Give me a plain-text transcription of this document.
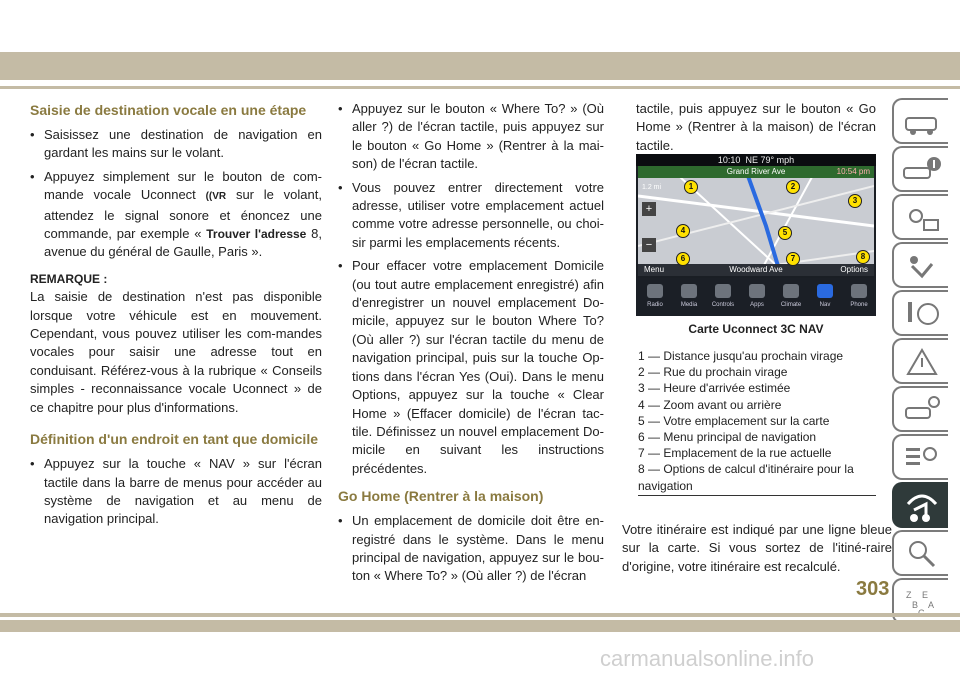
Saisie de destination vocale en une étape
• Saisissez une destination de navigation en gardant les mains sur le volant.
• Appuyez simplement sur le bouton de com-mande vocale Uconnect ((VR sur le volant, attendez le signal sonore et énoncez une commande, par exemple « Trouver l'adresse 8, avenue du général de Gaulle, Paris ».

REMARQUE :

La saisie de destination n'est pas disponible lorsque votre véhicule est en mouvement. Cependant, vous pouvez utiliser les com-mandes vocales pour saisir une adresse tout en conduisant. Référez-vous à la rubrique « Conseils simples - reconnaissance vocale Uconnect » de ce chapitre pour plus d'informations.

Définition d'un endroit en tant que domicile
• Appuyez sur la touche « NAV » sur l'écran tactile dans la barre de menus pour accéder au système de navigation et au menu de navigation principal.
• Appuyez sur le bouton « Where To? » (Où aller ?) de l'écran tactile, puis appuyez sur le bouton « Go Home » (Rentrer à la mai-son) de l'écran tactile.
• Vous pouvez entrer directement votre adresse, utiliser votre emplacement actuel comme votre adresse personnelle, ou choi-sir parmi les emplacements récents.
• Pour effacer votre emplacement Domicile (ou tout autre emplacement enregistré) afin d'enregistrer un nouvel emplacement Do-micile, appuyez sur le bouton Where To? (Où aller ?) sur l'écran tactile du menu de navigation principal, puis sur la touche Op-tions dans l'écran Yes (Oui). Dans le menu Options, appuyez sur la touche « Clear Home » (Effacer domicile) de l'écran tac-tile. Définissez un nouvel emplacement Do-micile en suivant les instructions précédentes.
Go Home (Rentrer à la maison)
• Un emplacement de domicile doit être en-registré dans le système. Dans le menu principal de navigation, appuyez sur le bou-ton « Where To? » (Où aller ?) de l'écran

tactile, puis appuyez sur le bouton « Go Home » (Rentrer à la maison) de l'écran tactile.

10:10 NE 79° mph
Grand River Ave	10:54 pm
1.2 mi
+
−
Menu	Woodward Ave	Options
Radio	Media	Controls	Apps	Climate	Nav	Phone
1	2
3
4	5
6	7	8
Carte Uconnect 3C NAV
1 — Distance jusqu'au prochain virage
2 — Rue du prochain virage
3 — Heure d'arrivée estimée
4 — Zoom avant ou arrière
5 — Votre emplacement sur la carte
6 — Menu principal de navigation
7 — Emplacement de la rue actuelle
8 — Options de calcul d'itinéraire pour la navigation
Votre itinéraire est indiqué par une ligne bleue sur la carte. Si vous sortez de l'itiné-raire d'origine, votre itinéraire est recalculé.
Z E
B A
303
carmanualsonline.info
